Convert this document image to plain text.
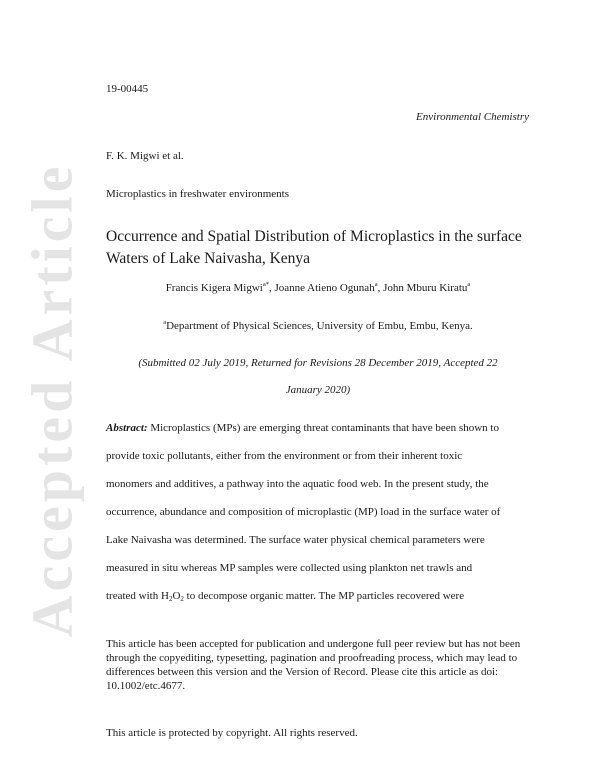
Accepted Article
19-00445
Environmental Chemistry
F. K. Migwi et al.
Microplastics in freshwater environments
Occurrence and Spatial Distribution of Microplastics in the surface
Waters of Lake Naivasha, Kenya
Francis Kigera Migwi$^{a*}$, Joanne Atieno Ogunah$^a$, John Mburu Kiratu$^a$
$^a$Department of Physical Sciences, University of Embu, Embu, Kenya.
(Submitted 02 July 2019, Returned for Revisions 28 December 2019, Accepted 22
January 2020)
Abstract: Microplastics (MPs) are emerging threat contaminants that have been shown to
provide toxic pollutants, either from the environment or from their inherent toxic
monomers and additives, a pathway into the aquatic food web. In the present study, the
occurrence, abundance and composition of microplastic (MP) load in the surface water of
Lake Naivasha was determined. The surface water physical chemical parameters were
measured in situ whereas MP samples were collected using plankton net trawls and
treated with $H_2O_2$ to decompose organic matter. The MP particles recovered were
This article has been accepted for publication and undergone full peer review but has not been through the copyediting, typesetting, pagination and proofreading process, which may lead to differences between this version and the Version of Record. Please cite this article as doi: 10.1002/etc.4677.
This article is protected by copyright. All rights reserved.
